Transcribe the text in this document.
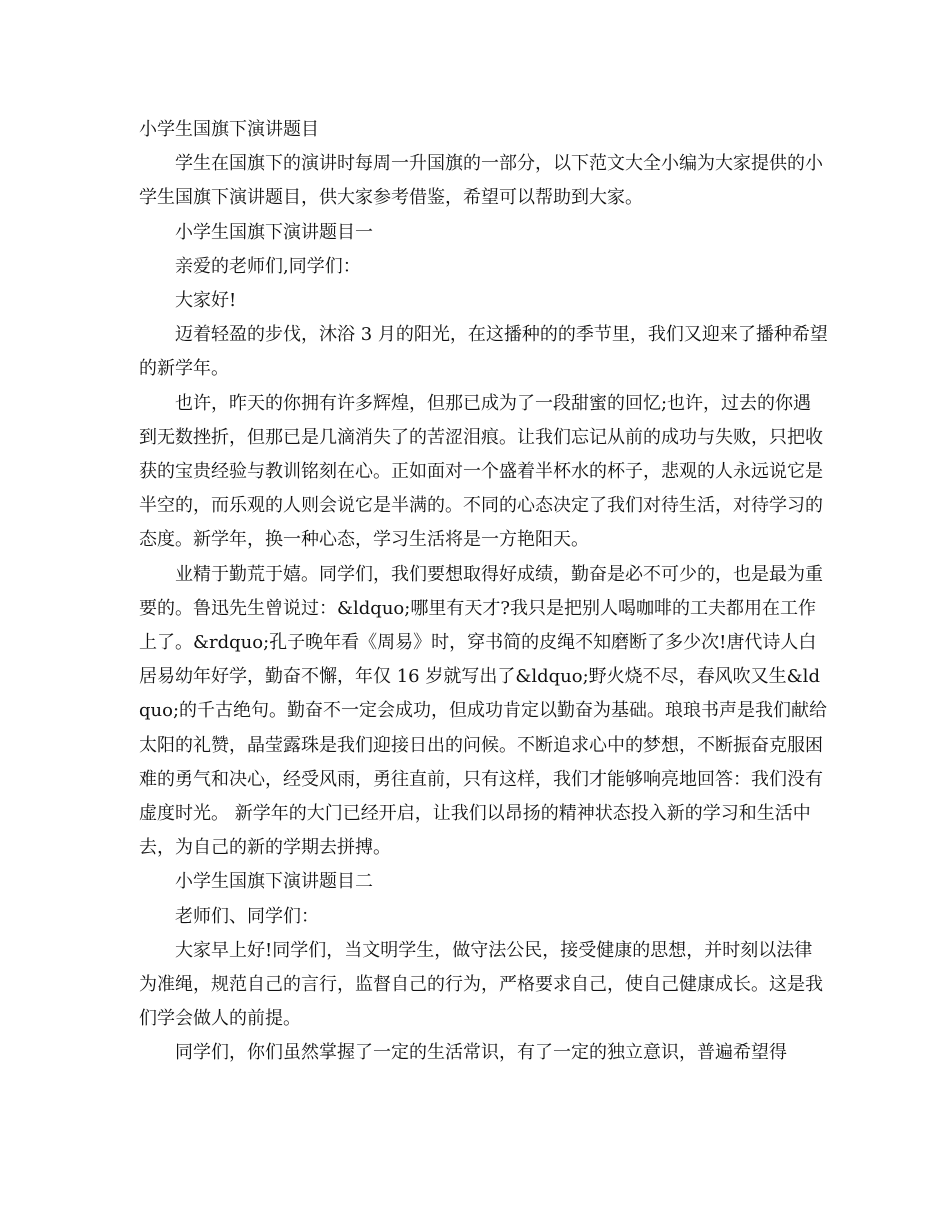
小学生国旗下演讲题目

学生在国旗下的演讲时每周一升国旗的一部分，以下范文大全小编为大家提供的小学生国旗下演讲题目，供大家参考借鉴，希望可以帮助到大家。

小学生国旗下演讲题目一

亲爱的老师们,同学们：

大家好!

迈着轻盈的步伐，沐浴 3 月的阳光，在这播种的的季节里，我们又迎来了播种希望的新学年。

也许，昨天的你拥有许多辉煌，但那已成为了一段甜蜜的回忆;也许，过去的你遇到无数挫折，但那已是几滴消失了的苦涩泪痕。让我们忘记从前的成功与失败，只把收获的宝贵经验与教训铭刻在心。正如面对一个盛着半杯水的杯子，悲观的人永远说它是半空的，而乐观的人则会说它是半满的。不同的心态决定了我们对待生活，对待学习的态度。新学年，换一种心态，学习生活将是一方艳阳天。

业精于勤荒于嬉。同学们，我们要想取得好成绩，勤奋是必不可少的，也是最为重要的。鲁迅先生曾说过：&ldquo;哪里有天才?我只是把别人喝咖啡的工夫都用在工作上了。&rdquo;孔子晚年看《周易》时，穿书简的皮绳不知磨断了多少次!唐代诗人白居易幼年好学，勤奋不懈，年仅 16 岁就写出了&ldquo;野火烧不尽，春风吹又生&ldquo;的千古绝句。勤奋不一定会成功，但成功肯定以勤奋为基础。琅琅书声是我们献给太阳的礼赞，晶莹露珠是我们迎接日出的问候。不断追求心中的梦想，不断振奋克服困难的勇气和决心，经受风雨，勇往直前，只有这样，我们才能够响亮地回答：我们没有虚度时光。 新学年的大门已经开启，让我们以昂扬的精神状态投入新的学习和生活中去，为自己的新的学期去拼搏。

小学生国旗下演讲题目二

老师们、同学们：

大家早上好!同学们，当文明学生，做守法公民，接受健康的思想，并时刻以法律为准绳，规范自己的言行，监督自己的行为，严格要求自己，使自己健康成长。这是我们学会做人的前提。

同学们，你们虽然掌握了一定的生活常识，有了一定的独立意识，普遍希望得
